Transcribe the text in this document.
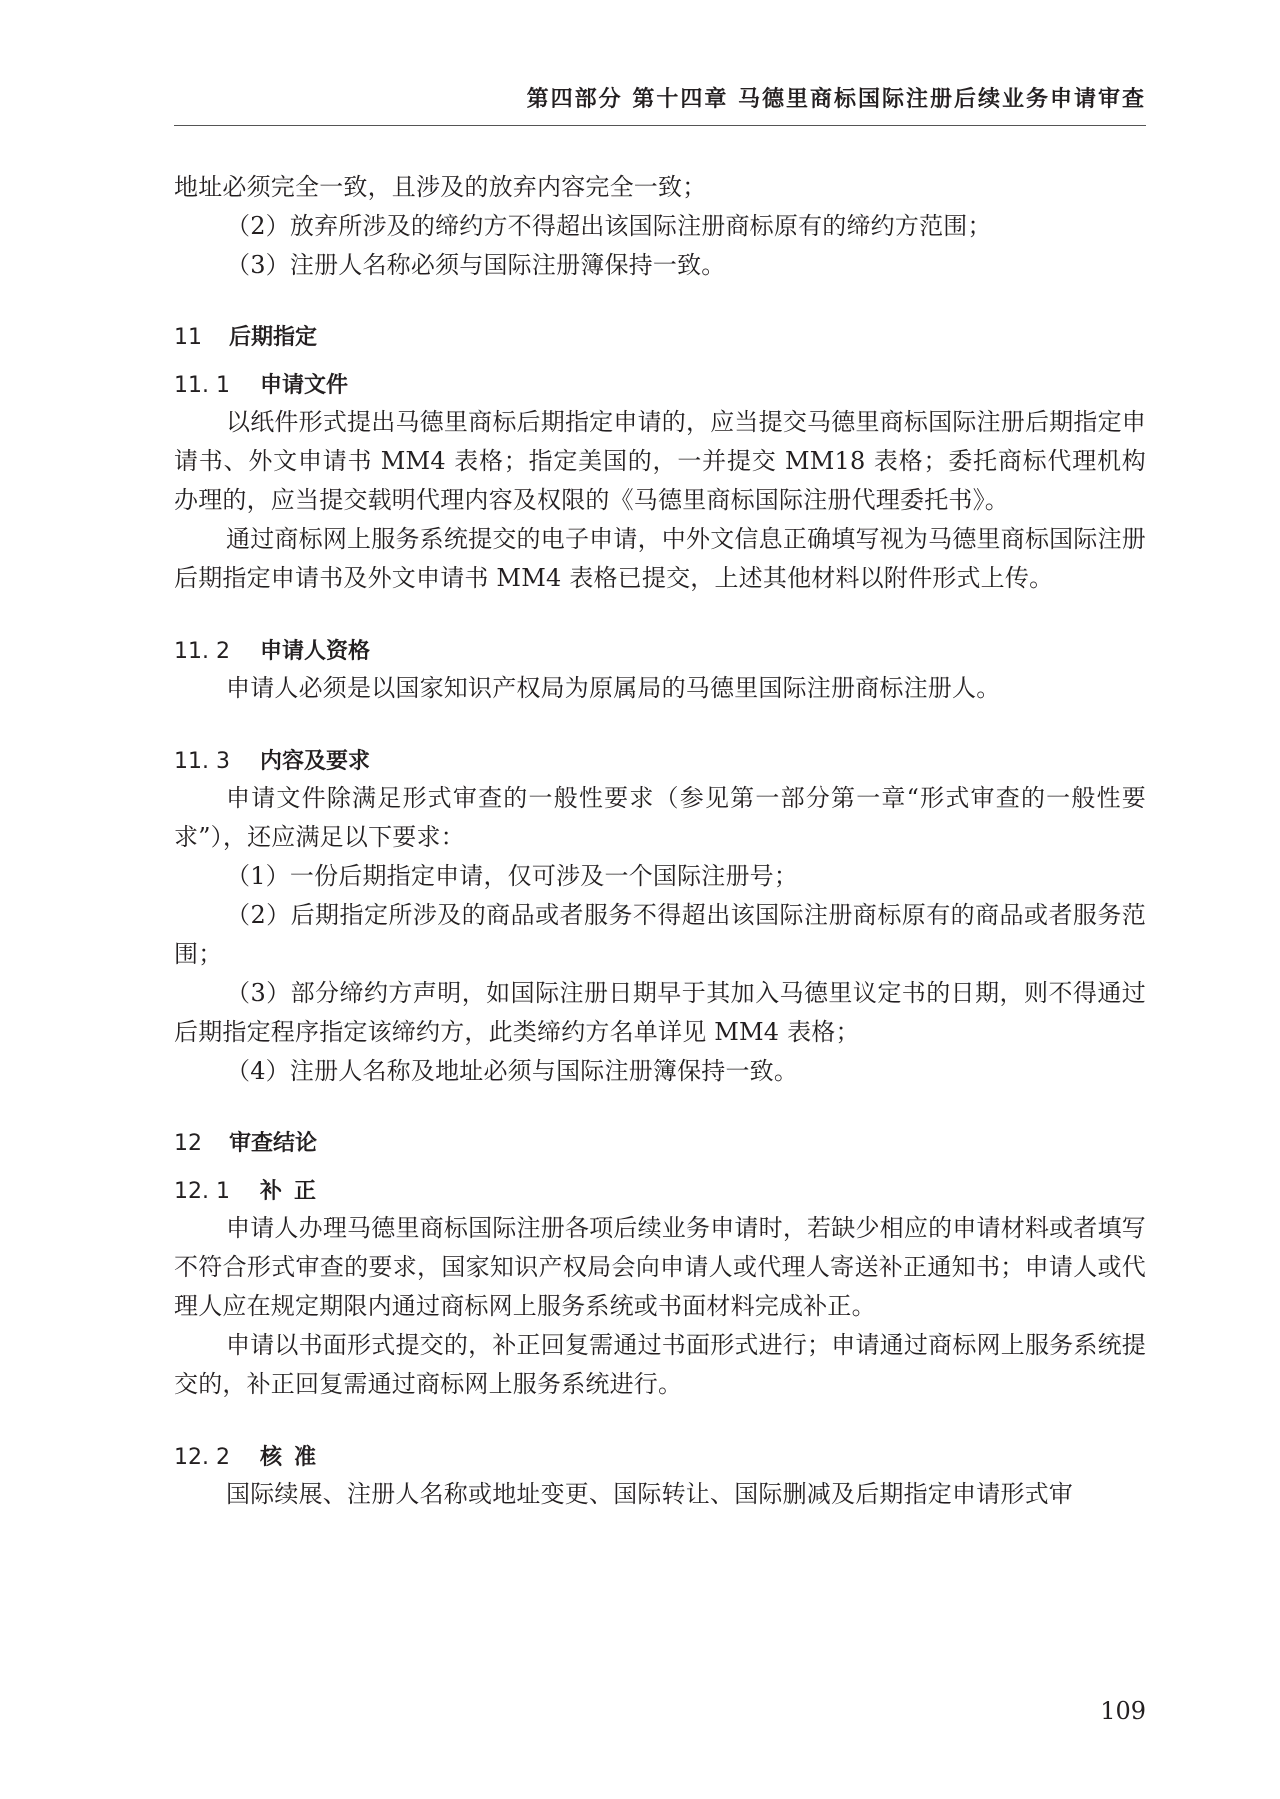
第四部分 第十四章 马德里商标国际注册后续业务申请审查

地址必须完全一致，且涉及的放弃内容完全一致；

（2）放弃所涉及的缔约方不得超出该国际注册商标原有的缔约方范围；

（3）注册人名称必须与国际注册簿保持一致。

11 后期指定
11. 1 申请文件

以纸件形式提出马德里商标后期指定申请的，应当提交马德里商标国际注册后期指定申请书、外文申请书 MM4 表格；指定美国的，一并提交 MM18 表格；委托商标代理机构办理的，应当提交载明代理内容及权限的《马德里商标国际注册代理委托书》。

通过商标网上服务系统提交的电子申请，中外文信息正确填写视为马德里商标国际注册后期指定申请书及外文申请书 MM4 表格已提交，上述其他材料以附件形式上传。

11. 2 申请人资格

申请人必须是以国家知识产权局为原属局的马德里国际注册商标注册人。

11. 3 内容及要求

申请文件除满足形式审查的一般性要求（参见第一部分第一章“形式审查的一般性要求”），还应满足以下要求：

（1）一份后期指定申请，仅可涉及一个国际注册号；

（2）后期指定所涉及的商品或者服务不得超出该国际注册商标原有的商品或者服务范围；

（3）部分缔约方声明，如国际注册日期早于其加入马德里议定书的日期，则不得通过后期指定程序指定该缔约方，此类缔约方名单详见 MM4 表格；

（4）注册人名称及地址必须与国际注册簿保持一致。

12 审查结论
12. 1 补正

申请人办理马德里商标国际注册各项后续业务申请时，若缺少相应的申请材料或者填写不符合形式审查的要求，国家知识产权局会向申请人或代理人寄送补正通知书；申请人或代理人应在规定期限内通过商标网上服务系统或书面材料完成补正。

申请以书面形式提交的，补正回复需通过书面形式进行；申请通过商标网上服务系统提交的，补正回复需通过商标网上服务系统进行。

12. 2 核准

国际续展、注册人名称或地址变更、国际转让、国际删减及后期指定申请形式审

109
